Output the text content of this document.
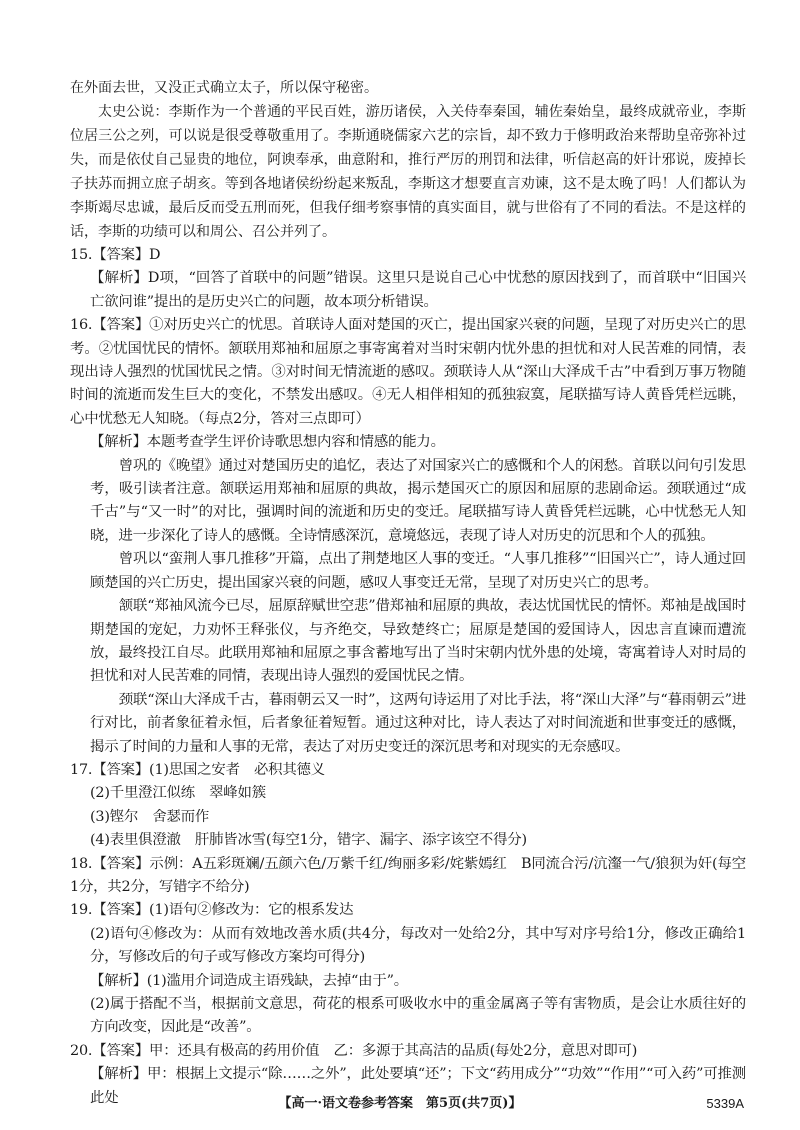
在外面去世，又没正式确立太子，所以保守秘密。

太史公说：李斯作为一个普通的平民百姓，游历诸侯，入关侍奉秦国，辅佐秦始皇，最终成就帝业，李斯位居三公之列，可以说是很受尊敬重用了。李斯通晓儒家六艺的宗旨，却不致力于修明政治来帮助皇帝弥补过失，而是依仗自己显贵的地位，阿谀奉承，曲意附和，推行严厉的刑罚和法律，听信赵高的奸计邪说，废掉长子扶苏而拥立庶子胡亥。等到各地诸侯纷纷起来叛乱，李斯这才想要直言劝谏，这不是太晚了吗！人们都认为李斯竭尽忠诚，最后反而受五刑而死，但我仔细考察事情的真实面目，就与世俗有了不同的看法。不是这样的话，李斯的功绩可以和周公、召公并列了。

15.【答案】D

【解析】D项，“回答了首联中的问题”错误。这里只是说自己心中忧愁的原因找到了，而首联中“旧国兴亡欲问谁”提出的是历史兴亡的问题，故本项分析错误。

16.【答案】①对历史兴亡的忧思。首联诗人面对楚国的灭亡，提出国家兴衰的问题，呈现了对历史兴亡的思考。②忧国忧民的情怀。颔联用郑袖和屈原之事寄寓着对当时宋朝内忧外患的担忧和对人民苦难的同情，表现出诗人强烈的忧国忧民之情。③对时间无情流逝的感叹。颈联诗人从“深山大泽成千古”中看到万事万物随时间的流逝而发生巨大的变化，不禁发出感叹。④无人相伴相知的孤独寂寞，尾联描写诗人黄昏凭栏远眺，心中忧愁无人知晓。（每点2分，答对三点即可）

【解析】本题考查学生评价诗歌思想内容和情感的能力。

曾巩的《晚望》通过对楚国历史的追忆，表达了对国家兴亡的感慨和个人的闲愁。首联以问句引发思考，吸引读者注意。颔联运用郑袖和屈原的典故，揭示楚国灭亡的原因和屈原的悲剧命运。颈联通过“成千古”与“又一时”的对比，强调时间的流逝和历史的变迁。尾联描写诗人黄昏凭栏远眺，心中忧愁无人知晓，进一步深化了诗人的感慨。全诗情感深沉，意境悠远，表现了诗人对历史的沉思和个人的孤独。

曾巩以“蛮荆人事几推移”开篇，点出了荆楚地区人事的变迁。“人事几推移”“旧国兴亡”，诗人通过回顾楚国的兴亡历史，提出国家兴衰的问题，感叹人事变迁无常，呈现了对历史兴亡的思考。

颔联“郑袖风流今已尽，屈原辞赋世空悲”借郑袖和屈原的典故，表达忧国忧民的情怀。郑袖是战国时期楚国的宠妃，力劝怀王释张仪，与齐绝交，导致楚终亡；屈原是楚国的爱国诗人，因忠言直谏而遭流放，最终投江自尽。此联用郑袖和屈原之事含蓄地写出了当时宋朝内忧外患的处境，寄寓着诗人对时局的担忧和对人民苦难的同情，表现出诗人强烈的爱国忧民之情。

颈联“深山大泽成千古，暮雨朝云又一时”，这两句诗运用了对比手法，将“深山大泽”与“暮雨朝云”进行对比，前者象征着永恒，后者象征着短暂。通过这种对比，诗人表达了对时间流逝和世事变迁的感慨，揭示了时间的力量和人事的无常，表达了对历史变迁的深沉思考和对现实的无奈感叹。

17.【答案】(1)思国之安者　必积其德义

(2)千里澄江似练　翠峰如簇

(3)铿尔　舍瑟而作

(4)表里俱澄澈　肝肺皆冰雪(每空1分，错字、漏字、添字该空不得分)

18.【答案】示例：A五彩斑斓/五颜六色/万紫千红/绚丽多彩/姹紫嫣红　B同流合污/沆瀣一气/狼狈为奸(每空1分，共2分，写错字不给分)

19.【答案】(1)语句②修改为：它的根系发达

(2)语句④修改为：从而有效地改善水质(共4分，每改对一处给2分，其中写对序号给1分，修改正确给1分，写修改后的句子或写修改方案均可得分)

【解析】(1)滥用介词造成主语残缺，去掉“由于”。

(2)属于搭配不当，根据前文意思，荷花的根系可吸收水中的重金属离子等有害物质，是会让水质往好的方向改变，因此是“改善”。

20.【答案】甲：还具有极高的药用价值　乙：多源于其高洁的品质(每处2分，意思对即可)

【解析】甲：根据上文提示“除……之外”，此处要填“还”；下文“药用成分”“功效”“作用”“可入药”可推测此处	【高一·语文卷参考答案　第5页(共7页)】	5339A
